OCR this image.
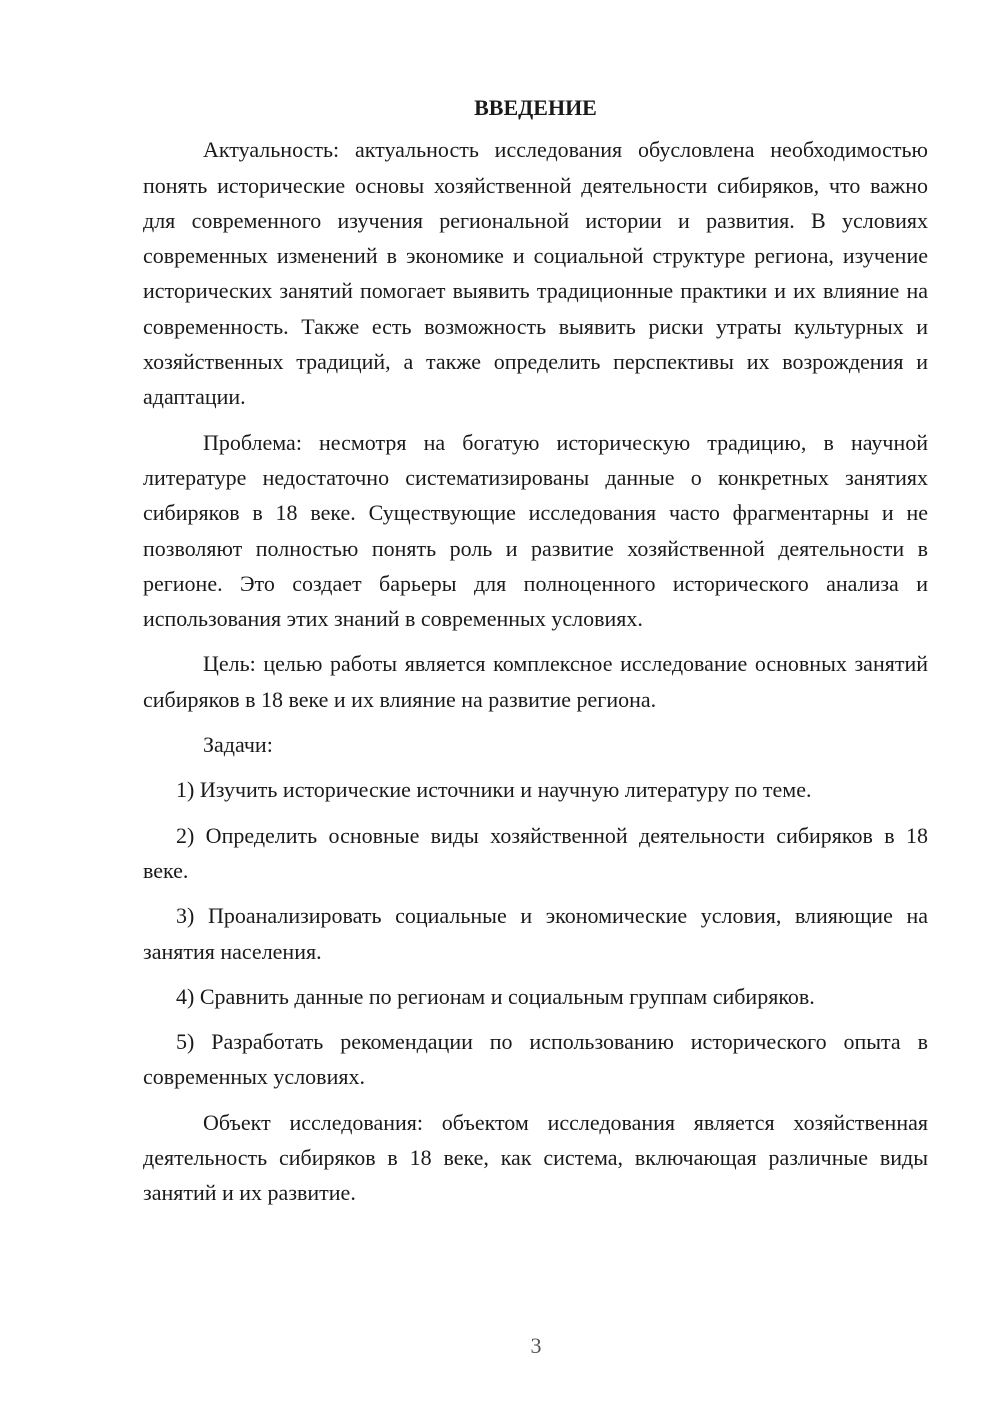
ВВЕДЕНИЕ

Актуальность: актуальность исследования обусловлена необходимостью понять исторические основы хозяйственной деятельности сибиряков, что важно для современного изучения региональной истории и развития. В условиях современных изменений в экономике и социальной структуре региона, изучение исторических занятий помогает выявить традиционные практики и их влияние на современность. Также есть возможность выявить риски утраты культурных и хозяйственных традиций, а также определить перспективы их возрождения и адаптации.

Проблема: несмотря на богатую историческую традицию, в научной литературе недостаточно систематизированы данные о конкретных занятиях сибиряков в 18 веке. Существующие исследования часто фрагментарны и не позволяют полностью понять роль и развитие хозяйственной деятельности в регионе. Это создает барьеры для полноценного исторического анализа и использования этих знаний в современных условиях.

Цель: целью работы является комплексное исследование основных занятий сибиряков в 18 веке и их влияние на развитие региона.

Задачи:

1) Изучить исторические источники и научную литературу по теме.

2) Определить основные виды хозяйственной деятельности сибиряков в 18 веке.

3) Проанализировать социальные и экономические условия, влияющие на занятия населения.

4) Сравнить данные по регионам и социальным группам сибиряков.

5) Разработать рекомендации по использованию исторического опыта в современных условиях.

Объект исследования: объектом исследования является хозяйственная деятельность сибиряков в 18 веке, как система, включающая различные виды занятий и их развитие.

3
